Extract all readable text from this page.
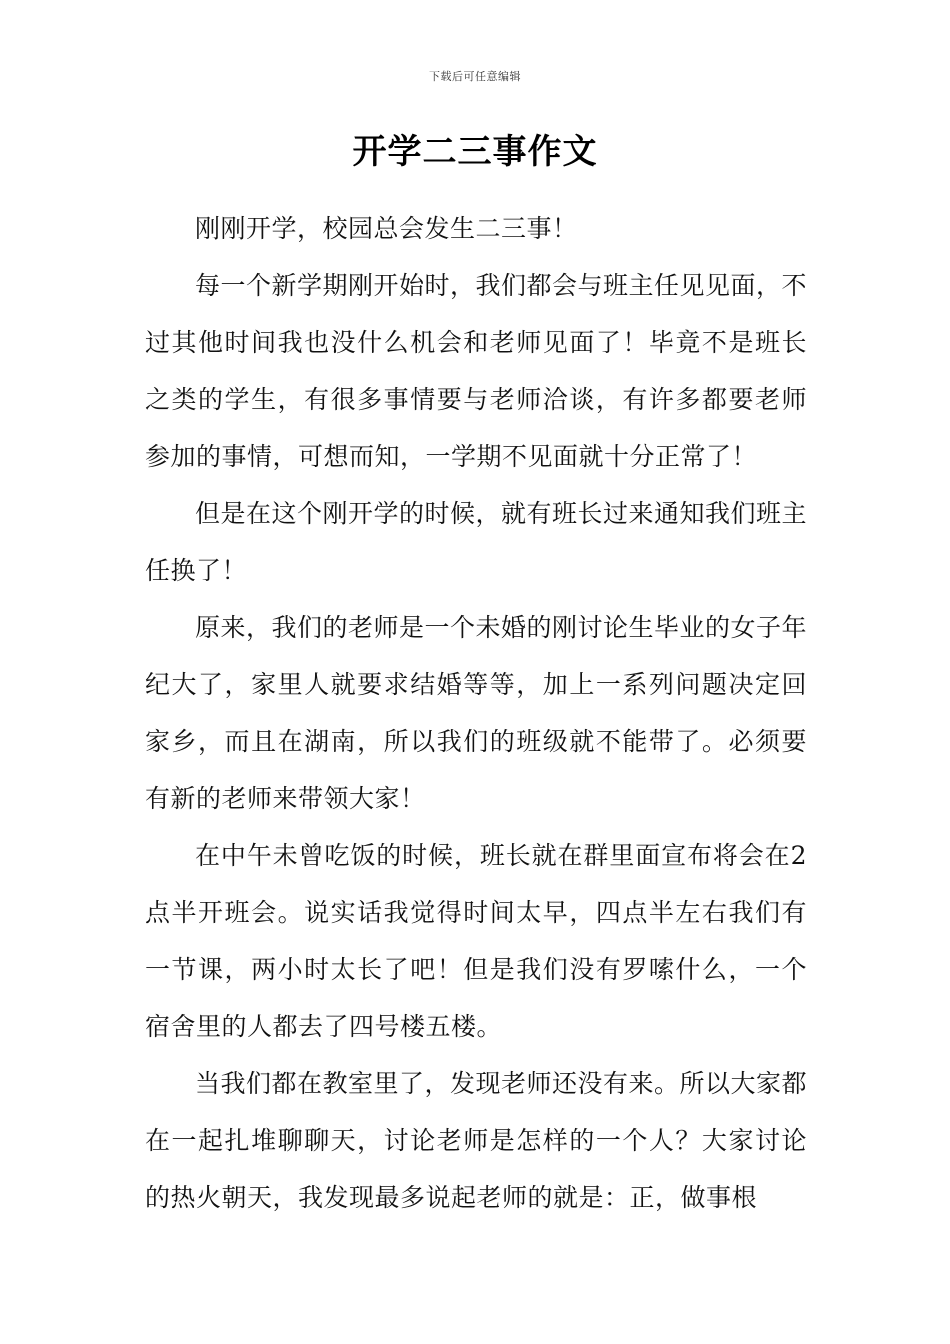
下载后可任意编辑
开学二三事作文

刚刚开学，校园总会发生二三事！

每一个新学期刚开始时，我们都会与班主任见见面，不过其他时间我也没什么机会和老师见面了！毕竟不是班长之类的学生，有很多事情要与老师洽谈，有许多都要老师参加的事情，可想而知，一学期不见面就十分正常了！

但是在这个刚开学的时候，就有班长过来通知我们班主任换了！

原来，我们的老师是一个未婚的刚讨论生毕业的女子年纪大了，家里人就要求结婚等等，加上一系列问题决定回家乡，而且在湖南，所以我们的班级就不能带了。必须要有新的老师来带领大家！

在中午未曾吃饭的时候，班长就在群里面宣布将会在2点半开班会。说实话我觉得时间太早，四点半左右我们有一节课，两小时太长了吧！但是我们没有罗嗦什么，一个宿舍里的人都去了四号楼五楼。

当我们都在教室里了，发现老师还没有来。所以大家都在一起扎堆聊聊天，讨论老师是怎样的一个人？大家讨论的热火朝天，我发现最多说起老师的就是：正，做事根
